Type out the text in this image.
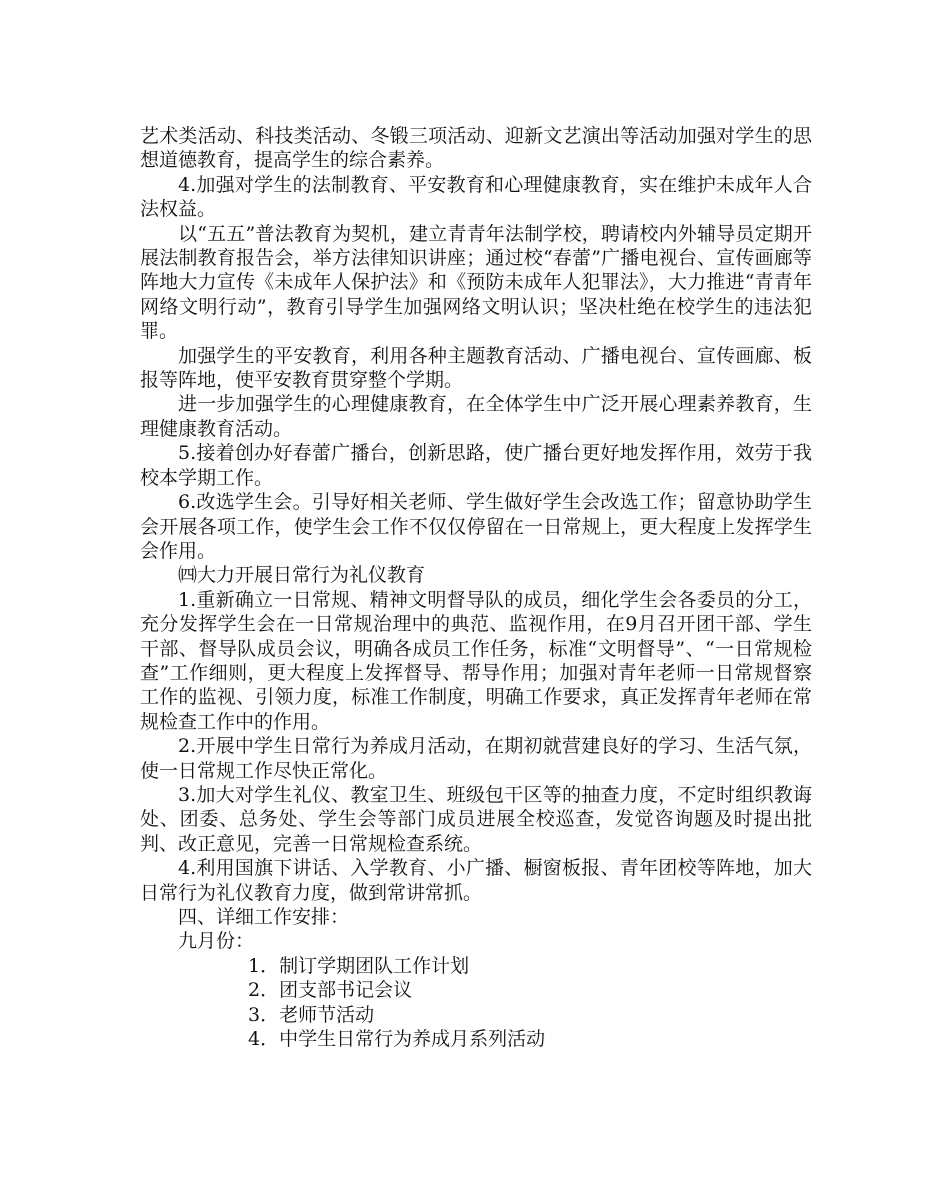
艺术类活动、科技类活动、冬锻三项活动、迎新文艺演出等活动加强对学生的思想道德教育，提高学生的综合素养。

4.加强对学生的法制教育、平安教育和心理健康教育，实在维护未成年人合法权益。

以“五五”普法教育为契机，建立青青年法制学校，聘请校内外辅导员定期开展法制教育报告会，举方法律知识讲座；通过校“春蕾”广播电视台、宣传画廊等阵地大力宣传《未成年人保护法》和《预防未成年人犯罪法》，大力推进“青青年网络文明行动”，教育引导学生加强网络文明认识；坚决杜绝在校学生的违法犯罪。

加强学生的平安教育，利用各种主题教育活动、广播电视台、宣传画廊、板报等阵地，使平安教育贯穿整个学期。

进一步加强学生的心理健康教育，在全体学生中广泛开展心理素养教育，生理健康教育活动。

5.接着创办好春蕾广播台，创新思路，使广播台更好地发挥作用，效劳于我校本学期工作。

6.改选学生会。引导好相关老师、学生做好学生会改选工作；留意协助学生会开展各项工作，使学生会工作不仅仅停留在一日常规上，更大程度上发挥学生会作用。

㈣大力开展日常行为礼仪教育

1.重新确立一日常规、精神文明督导队的成员，细化学生会各委员的分工，充分发挥学生会在一日常规治理中的典范、监视作用，在9月召开团干部、学生干部、督导队成员会议，明确各成员工作任务，标准“文明督导”、“一日常规检查”工作细则，更大程度上发挥督导、帮导作用；加强对青年老师一日常规督察工作的监视、引领力度，标准工作制度，明确工作要求，真正发挥青年老师在常规检查工作中的作用。

2.开展中学生日常行为养成月活动，在期初就营建良好的学习、生活气氛，使一日常规工作尽快正常化。

3.加大对学生礼仪、教室卫生、班级包干区等的抽查力度，不定时组织教诲处、团委、总务处、学生会等部门成员进展全校巡查，发觉咨询题及时提出批判、改正意见，完善一日常规检查系统。

4.利用国旗下讲话、入学教育、小广播、橱窗板报、青年团校等阵地，加大日常行为礼仪教育力度，做到常讲常抓。

四、详细工作安排：

九月份：

1．制订学期团队工作计划
2．团支部书记会议
3．老师节活动
4．中学生日常行为养成月系列活动
